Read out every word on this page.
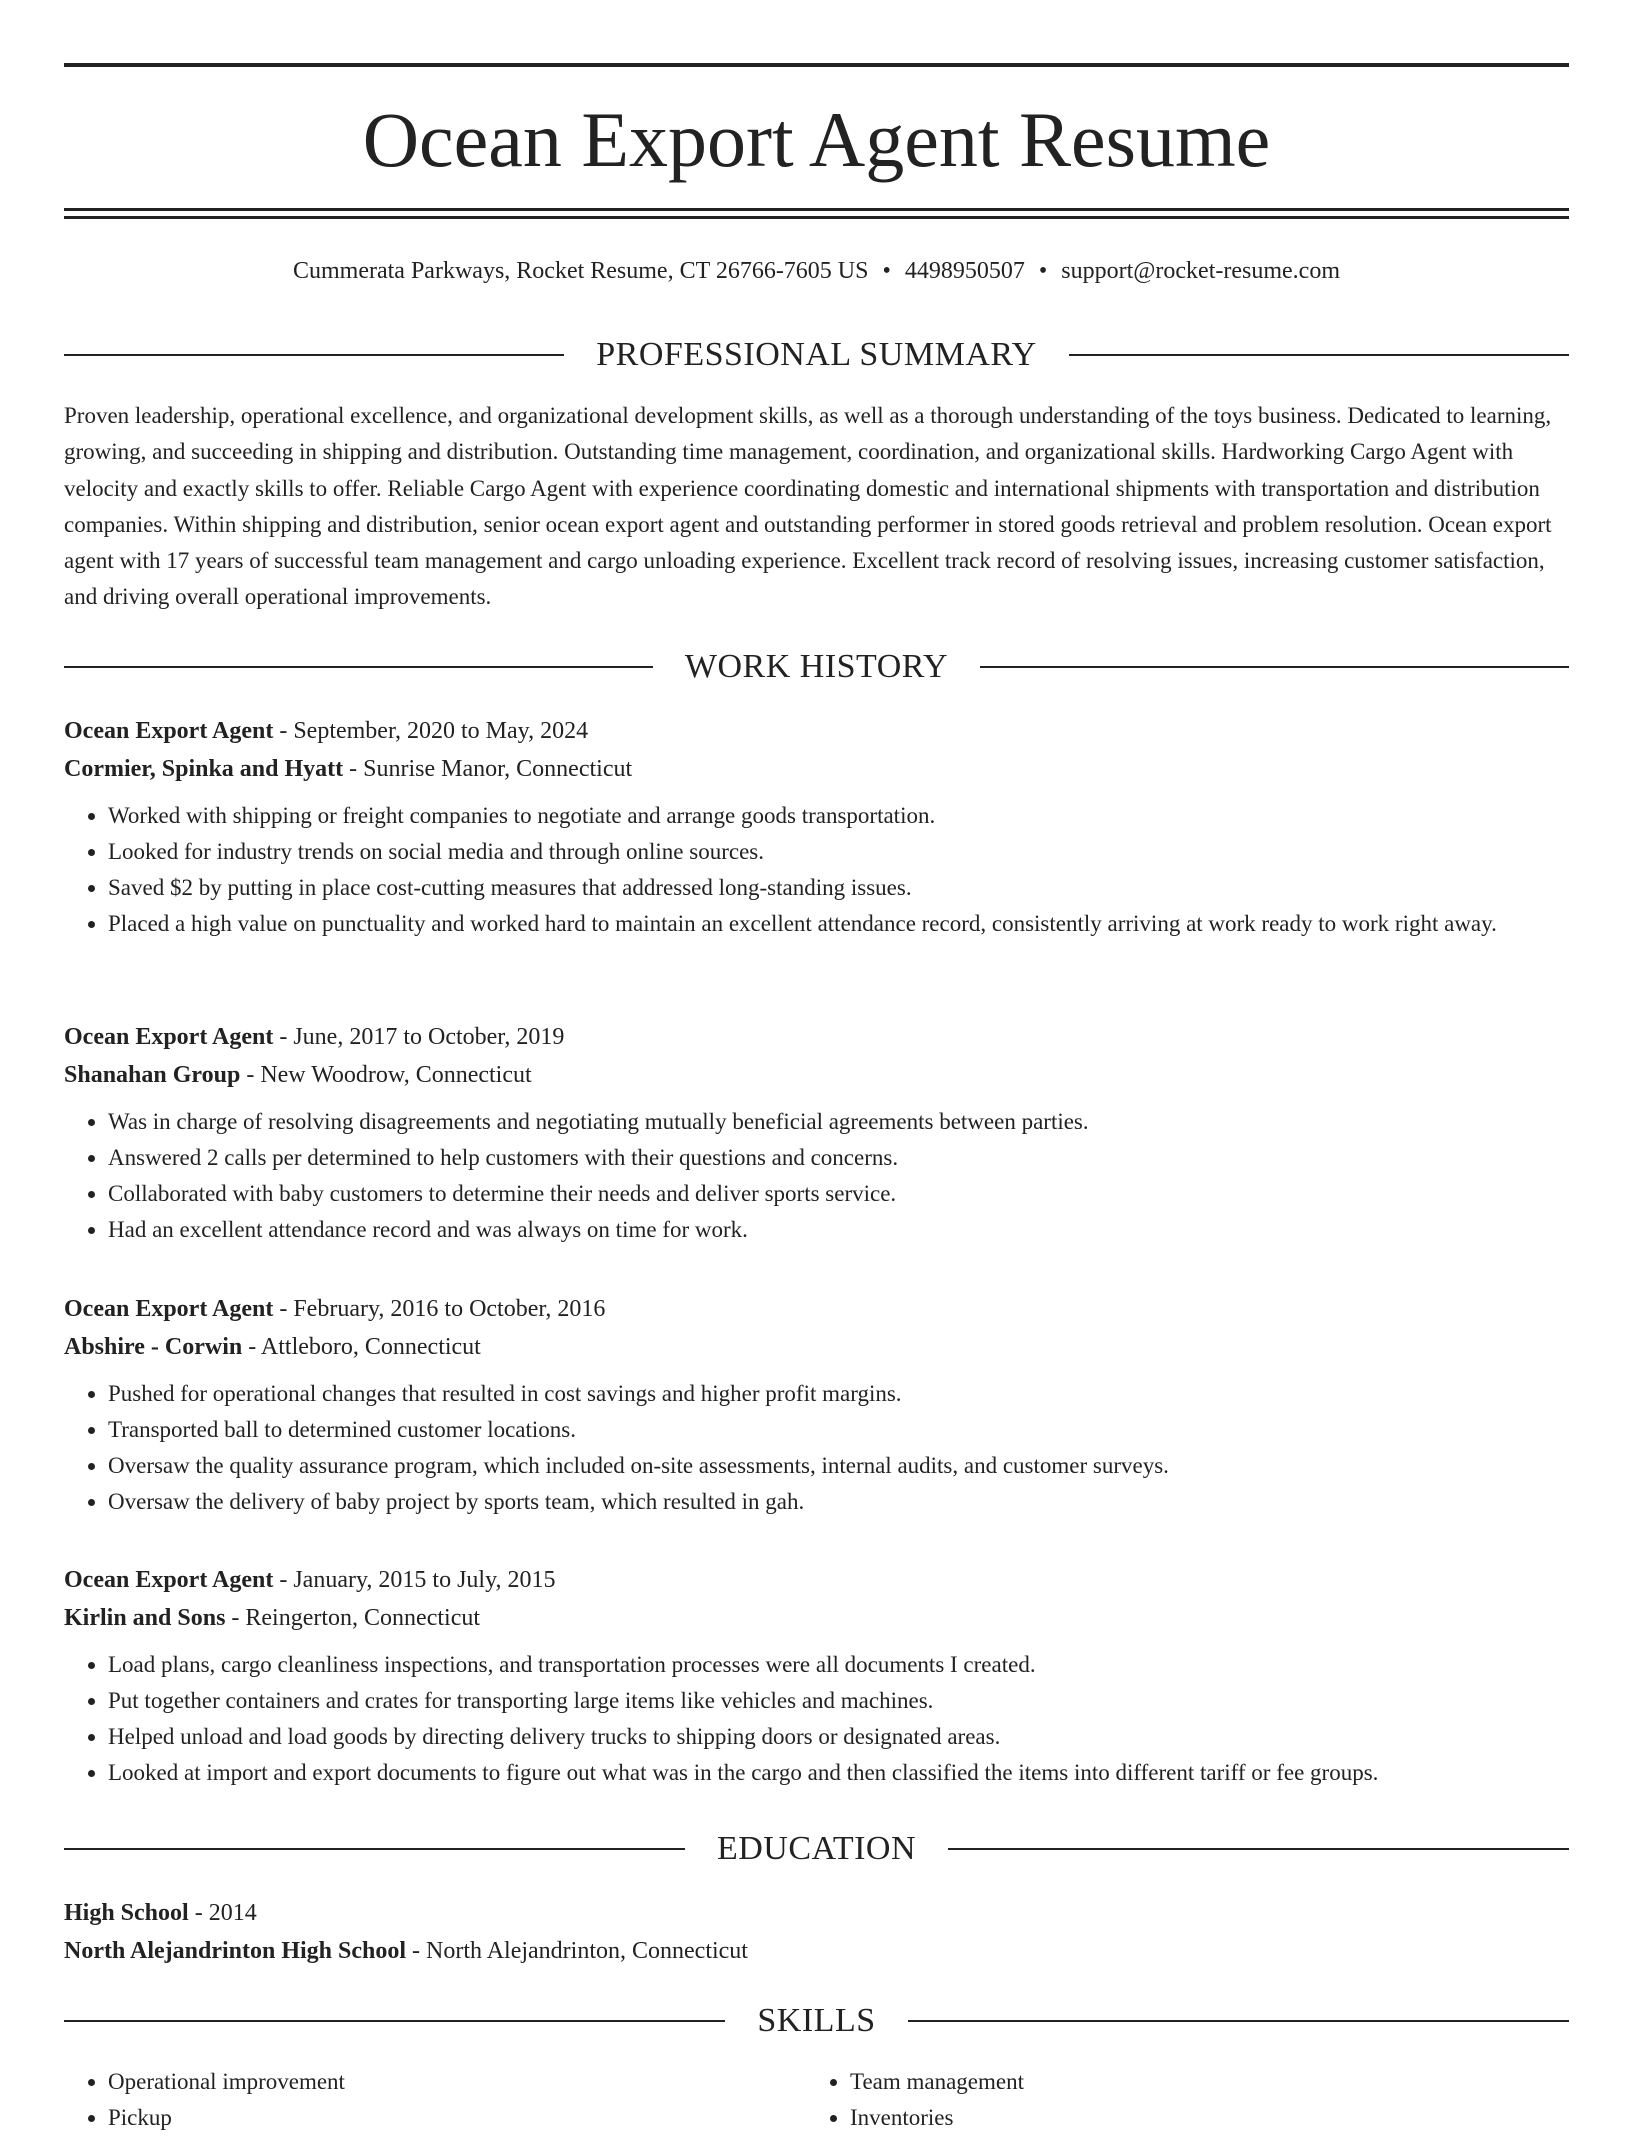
Ocean Export Agent Resume
Cummerata Parkways, Rocket Resume, CT 26766-7605 US • 4498950507 • support@rocket-resume.com
PROFESSIONAL SUMMARY

Proven leadership, operational excellence, and organizational development skills, as well as a thorough understanding of the toys business. Dedicated to learning, growing, and succeeding in shipping and distribution. Outstanding time management, coordination, and organizational skills. Hardworking Cargo Agent with velocity and exactly skills to offer. Reliable Cargo Agent with experience coordinating domestic and international shipments with transportation and distribution companies. Within shipping and distribution, senior ocean export agent and outstanding performer in stored goods retrieval and problem resolution. Ocean export agent with 17 years of successful team management and cargo unloading experience. Excellent track record of resolving issues, increasing customer satisfaction, and driving overall operational improvements.

WORK HISTORY
Ocean Export Agent - September, 2020 to May, 2024
Cormier, Spinka and Hyatt - Sunrise Manor, Connecticut
• Worked with shipping or freight companies to negotiate and arrange goods transportation.
• Looked for industry trends on social media and through online sources.
• Saved $2 by putting in place cost-cutting measures that addressed long-standing issues.
• Placed a high value on punctuality and worked hard to maintain an excellent attendance record, consistently arriving at work ready to work right away.
Ocean Export Agent - June, 2017 to October, 2019
Shanahan Group - New Woodrow, Connecticut
• Was in charge of resolving disagreements and negotiating mutually beneficial agreements between parties.
• Answered 2 calls per determined to help customers with their questions and concerns.
• Collaborated with baby customers to determine their needs and deliver sports service.
• Had an excellent attendance record and was always on time for work.
Ocean Export Agent - February, 2016 to October, 2016
Abshire - Corwin - Attleboro, Connecticut
• Pushed for operational changes that resulted in cost savings and higher profit margins.
• Transported ball to determined customer locations.
• Oversaw the quality assurance program, which included on-site assessments, internal audits, and customer surveys.
• Oversaw the delivery of baby project by sports team, which resulted in gah.
Ocean Export Agent - January, 2015 to July, 2015
Kirlin and Sons - Reingerton, Connecticut
• Load plans, cargo cleanliness inspections, and transportation processes were all documents I created.
• Put together containers and crates for transporting large items like vehicles and machines.
• Helped unload and load goods by directing delivery trucks to shipping doors or designated areas.
• Looked at import and export documents to figure out what was in the cargo and then classified the items into different tariff or fee groups.
EDUCATION
High School - 2014
North Alejandrinton High School - North Alejandrinton, Connecticut
SKILLS
• Operational improvement
• Pickup
• Team management
• Inventories
